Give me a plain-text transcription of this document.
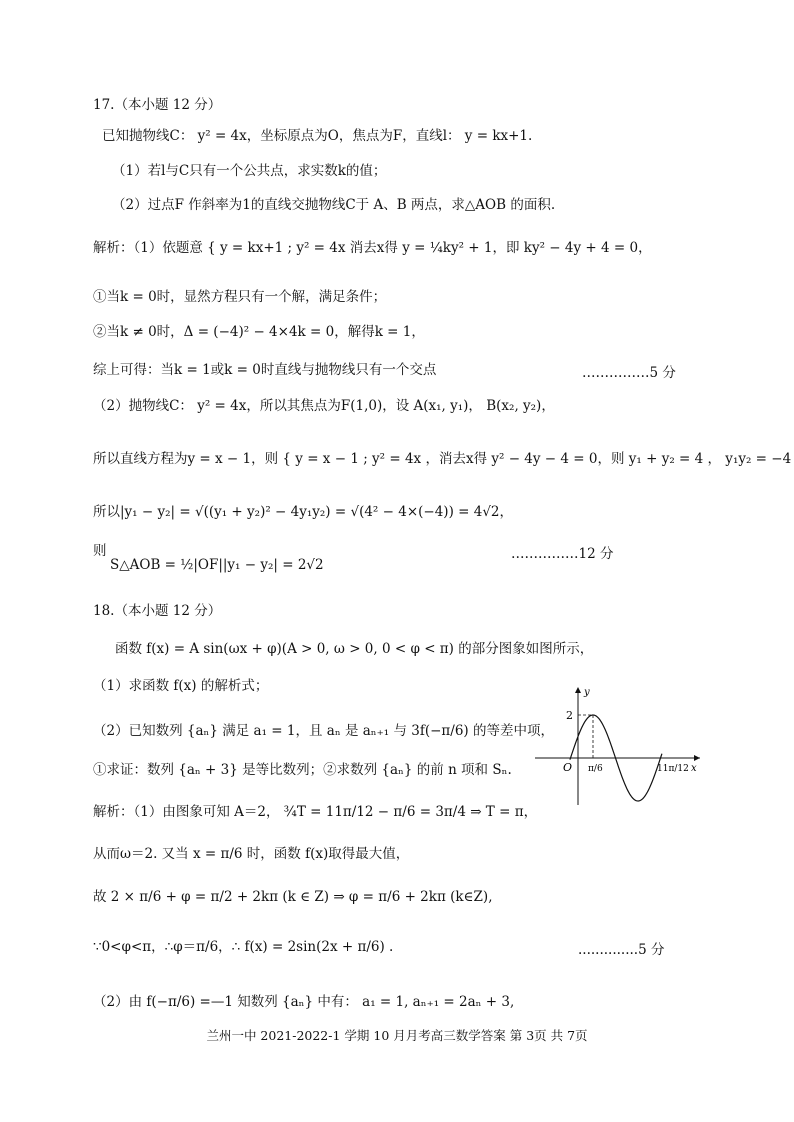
17.（本小题 12 分）
已知抛物线C： y² = 4x，坐标原点为O，焦点为F，直线l： y = kx+1.
（1）若l与C只有一个公共点，求实数k的值；
（2）过点F 作斜率为1的直线交抛物线C于 A、B 两点，求△AOB 的面积.
解析：（1）依题意 { y = kx+1 ; y² = 4x 消去x得 y = ¼ky² + 1，即 ky² − 4y + 4 = 0，
①当k = 0时，显然方程只有一个解，满足条件；
②当k ≠ 0时，Δ = (−4)² − 4×4k = 0，解得k = 1，
综上可得：当k = 1或k = 0时直线与抛物线只有一个交点	……………5 分
（2）抛物线C： y² = 4x，所以其焦点为F(1,0)，设 A(x₁, y₁)， B(x₂, y₂)，
所以直线方程为y = x − 1，则 { y = x − 1 ; y² = 4x ，消去x得 y² − 4y − 4 = 0，则 y₁ + y₂ = 4 ， y₁y₂ = −4
所以|y₁ − y₂| = √((y₁ + y₂)² − 4y₁y₂) = √(4² − 4×(−4)) = 4√2，
则
S△AOB = ½|OF||y₁ − y₂| = 2√2
……………12 分
18.（本小题 12 分）
函数 f(x) = A sin(ωx + φ)(A > 0, ω > 0, 0 < φ < π) 的部分图象如图所示，
（1）求函数 f(x) 的解析式；
（2）已知数列 {aₙ} 满足 a₁ = 1，且 aₙ 是 aₙ₊₁ 与 3f(−π/6) 的等差中项，
①求证：数列 {aₙ + 3} 是等比数列；②求数列 {aₙ} 的前 n 项和 Sₙ.
解析：（1）由图象可知 A＝2， ¾T = 11π/12 − π/6 = 3π/4 ⇒ T = π，
从而ω＝2. 又当 x = π/6 时，函数 f(x)取得最大值，
故 2 × π/6 + φ = π/2 + 2kπ (k ∈ Z) ⇒ φ = π/6 + 2kπ (k∈Z),
∵0<φ<π，∴φ＝π/6，∴ f(x) = 2sin(2x + π/6) .	..............5 分
（2）由 f(−π/6) =—1 知数列 {aₙ} 中有： a₁ = 1, aₙ₊₁ = 2aₙ + 3,
y
x
O
2
π/6	11π/12
兰州一中 2021-2022-1 学期 10 月月考高三数学答案 第 3页 共 7页
